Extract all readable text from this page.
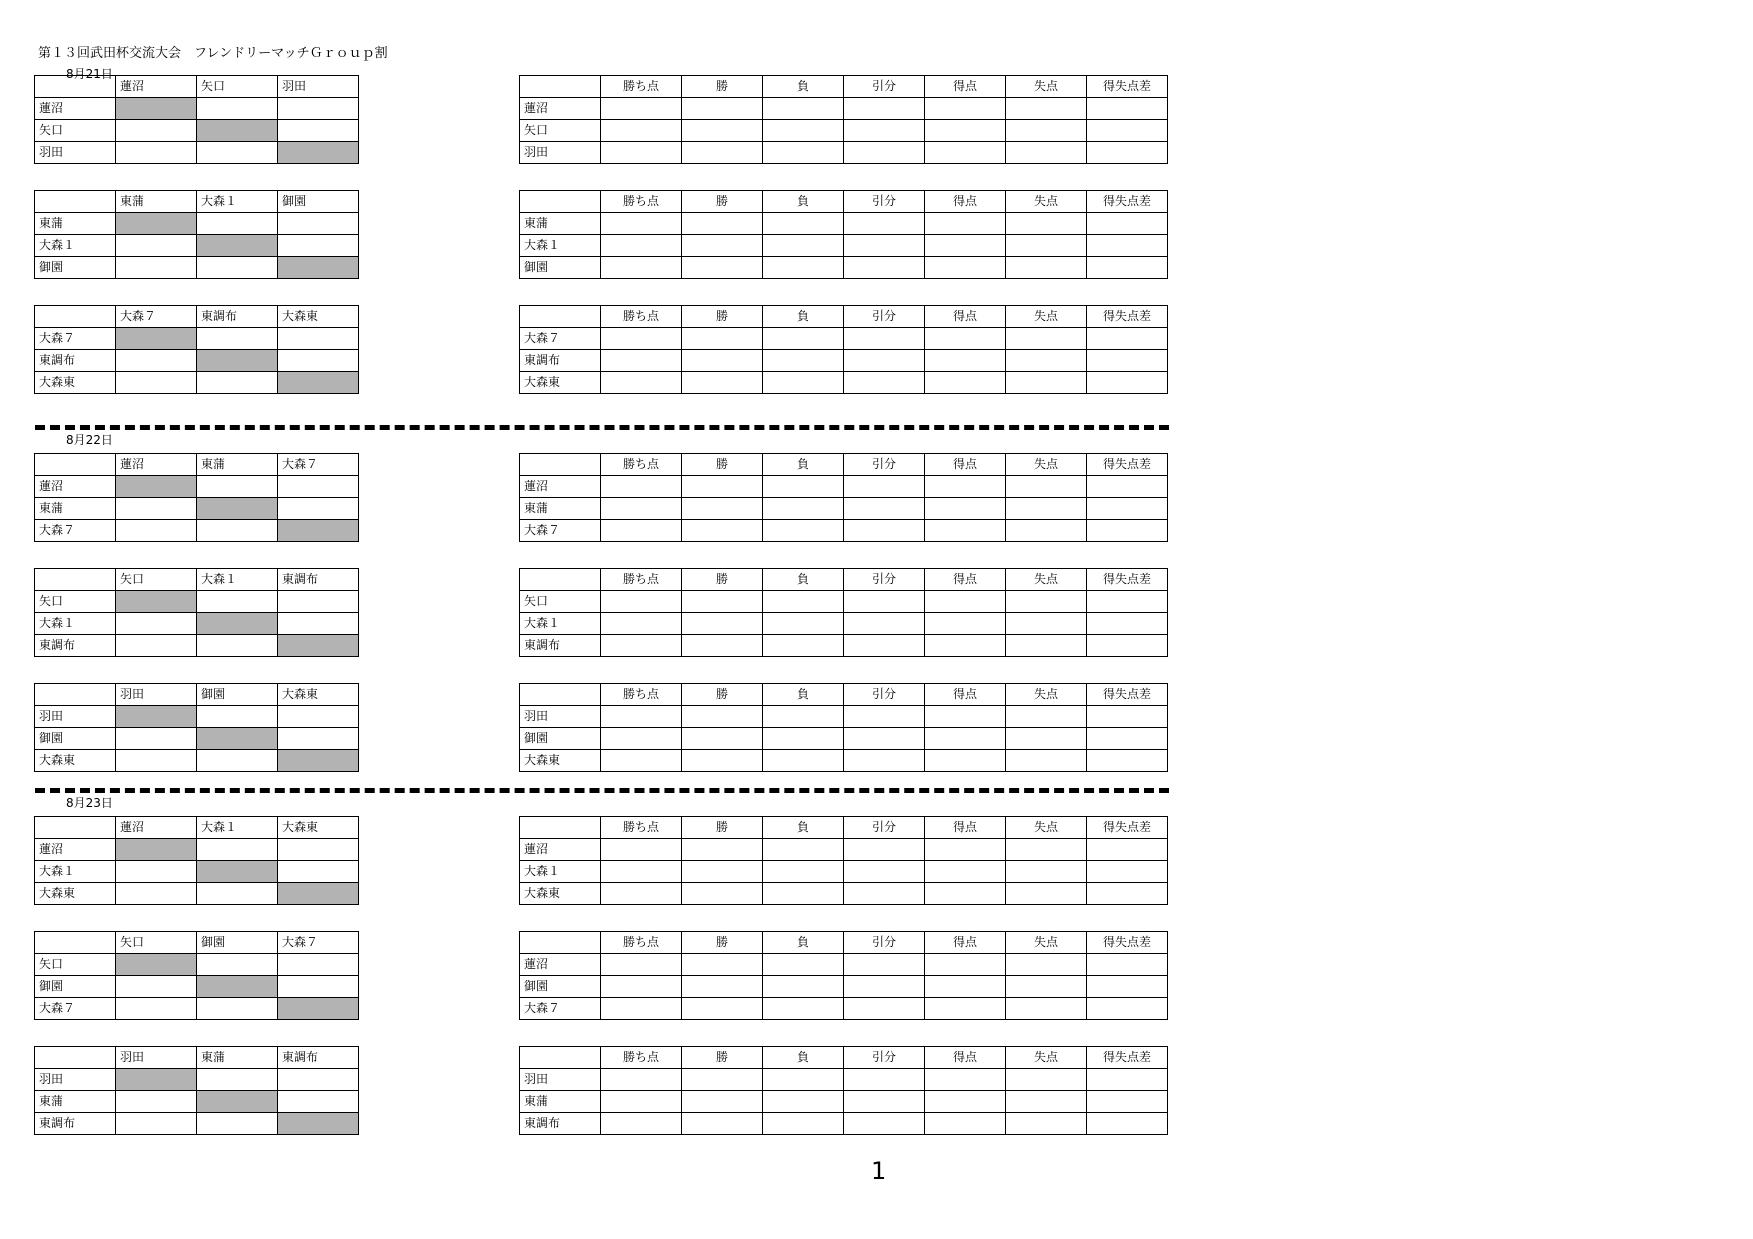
第１３回武田杯交流大会　フレンドリーマッチＧｒｏｕｐ割
8月21日
	蓮沼	矢口	羽田
蓮沼			
矢口			
羽田			
	勝ち点	勝	負	引分	得点	失点	得失点差
蓮沼							
矢口							
羽田							
	東蒲	大森１	御園
東蒲			
大森１			
御園			
	勝ち点	勝	負	引分	得点	失点	得失点差
東蒲							
大森１							
御園							
	大森７	東調布	大森東
大森７			
東調布			
大森東			
	勝ち点	勝	負	引分	得点	失点	得失点差
大森７							
東調布							
大森東							
8月22日
	蓮沼	東蒲	大森７
蓮沼			
東蒲			
大森７			
	勝ち点	勝	負	引分	得点	失点	得失点差
蓮沼							
東蒲							
大森７							
	矢口	大森１	東調布
矢口			
大森１			
東調布			
	勝ち点	勝	負	引分	得点	失点	得失点差
矢口							
大森１							
東調布							
	羽田	御園	大森東
羽田			
御園			
大森東			
	勝ち点	勝	負	引分	得点	失点	得失点差
羽田							
御園							
大森東							
8月23日
	蓮沼	大森１	大森東
蓮沼			
大森１			
大森東			
	勝ち点	勝	負	引分	得点	失点	得失点差
蓮沼							
大森１							
大森東							
	矢口	御園	大森７
矢口			
御園			
大森７			
	勝ち点	勝	負	引分	得点	失点	得失点差
蓮沼							
御園							
大森７							
	羽田	東蒲	東調布
羽田			
東蒲			
東調布			
	勝ち点	勝	負	引分	得点	失点	得失点差
羽田							
東蒲							
東調布							
1
